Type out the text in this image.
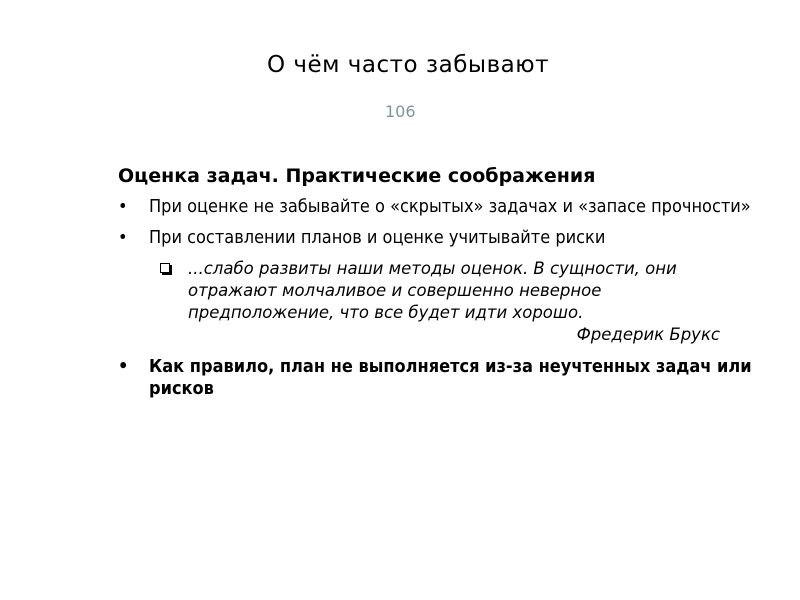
О чём часто забывают
106
Оценка задач. Практические соображения
• При оценке не забывайте о «скрытых» задачах и «запасе прочности»
• При составлении планов и оценке учитывайте риски
...слабо развиты наши методы оценок. В сущности, они отражают молчаливое и совершенно неверное предположение, что все будет идти хорошо.
Фредерик Брукс
• Как правило, план не выполняется из-за неучтенных задач или рисков
